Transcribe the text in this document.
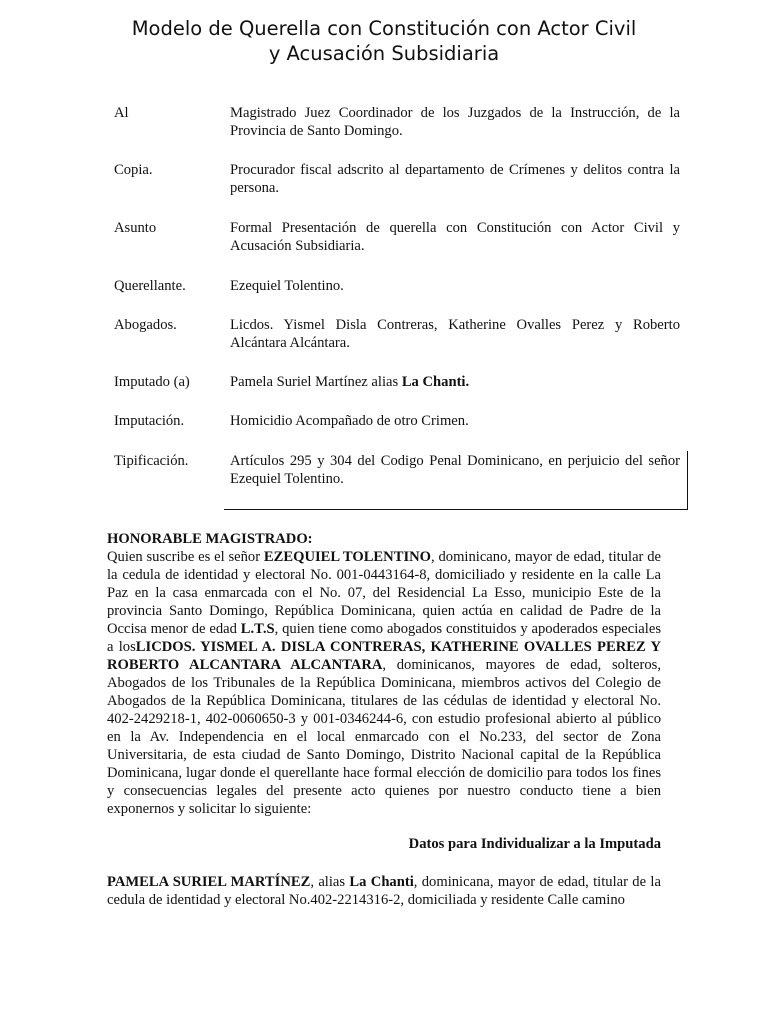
Modelo de Querella con Constitución con Actor Civil
y Acusación Subsidiaria
Al	Magistrado Juez Coordinador de los Juzgados de la Instrucción, de la Provincia de Santo Domingo.
Copia.	Procurador fiscal adscrito al departamento de Crímenes y delitos contra la persona.
Asunto	Formal Presentación de querella con Constitución con Actor Civil y Acusación Subsidiaria.
Querellante.	Ezequiel Tolentino.
Abogados.	Licdos. Yismel Disla Contreras, Katherine Ovalles Perez y Roberto Alcántara Alcántara.
Imputado (a)	Pamela Suriel Martínez alias La Chanti.
Imputación.	Homicidio Acompañado de otro Crimen.
Tipificación.	Artículos 295 y 304 del Codigo Penal Dominicano, en perjuicio del señor Ezequiel Tolentino.

HONORABLE MAGISTRADO:
Quien suscribe es el señor EZEQUIEL TOLENTINO, dominicano, mayor de edad, titular de la cedula de identidad y electoral No. 001-0443164-8, domiciliado y residente en la calle La Paz en la casa enmarcada con el No. 07, del Residencial La Esso, municipio Este de la provincia Santo Domingo, República Dominicana, quien actúa en calidad de Padre de la Occisa menor de edad L.T.S, quien tiene como abogados constituidos y apoderados especiales a losLICDOS. YISMEL A. DISLA CONTRERAS, KATHERINE OVALLES PEREZ Y ROBERTO ALCANTARA ALCANTARA, dominicanos, mayores de edad, solteros, Abogados de los Tribunales de la República Dominicana, miembros activos del Colegio de Abogados de la República Dominicana, titulares de las cédulas de identidad y electoral No. 402-2429218-1, 402-0060650-3 y 001-0346244-6, con estudio profesional abierto al público en la Av. Independencia en el local enmarcado con el No.233, del sector de Zona Universitaria, de esta ciudad de Santo Domingo, Distrito Nacional capital de la República Dominicana, lugar donde el querellante hace formal elección de domicilio para todos los fines y consecuencias legales del presente acto quienes por nuestro conducto tiene a bien exponernos y solicitar lo siguiente:

Datos para Individualizar a la Imputada

PAMELA SURIEL MARTÍNEZ, alias La Chanti, dominicana, mayor de edad, titular de la cedula de identidad y electoral No.402-2214316-2, domiciliada y residente Calle camino
